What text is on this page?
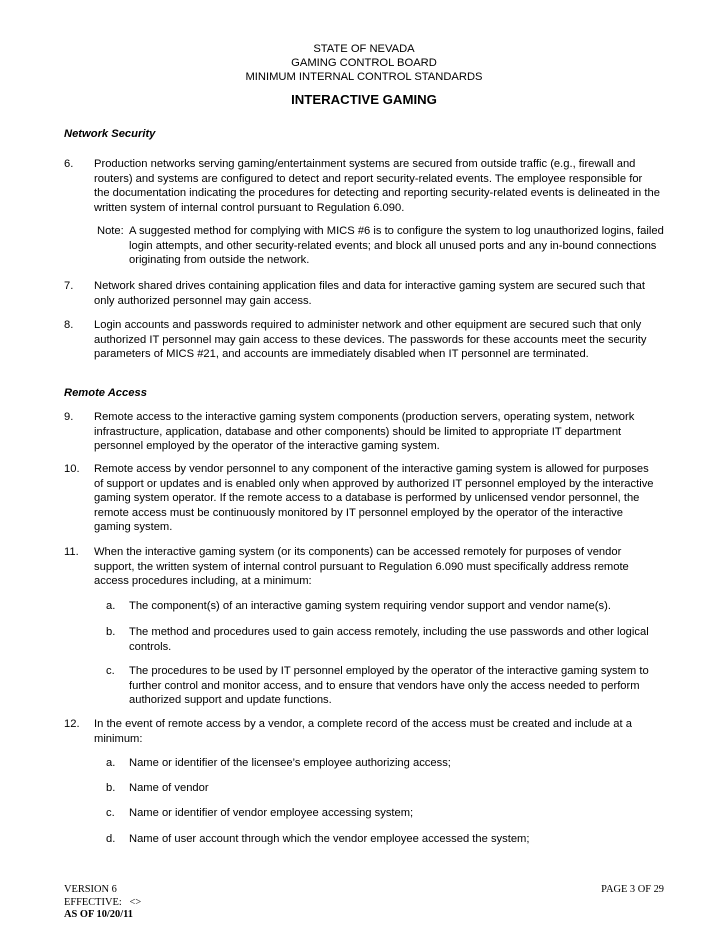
STATE OF NEVADA
GAMING CONTROL BOARD
MINIMUM INTERNAL CONTROL STANDARDS
INTERACTIVE GAMING
Network Security
6. Production networks serving gaming/entertainment systems are secured from outside traffic (e.g., firewall and routers) and systems are configured to detect and report security-related events. The employee responsible for the documentation indicating the procedures for detecting and reporting security-related events is delineated in the written system of internal control pursuant to Regulation 6.090.
Note: A suggested method for complying with MICS #6 is to configure the system to log unauthorized logins, failed login attempts, and other security-related events; and block all unused ports and any in-bound connections originating from outside the network.
7. Network shared drives containing application files and data for interactive gaming system are secured such that only authorized personnel may gain access.
8. Login accounts and passwords required to administer network and other equipment are secured such that only authorized IT personnel may gain access to these devices. The passwords for these accounts meet the security parameters of MICS #21, and accounts are immediately disabled when IT personnel are terminated.
Remote Access
9. Remote access to the interactive gaming system components (production servers, operating system, network infrastructure, application, database and other components) should be limited to appropriate IT department personnel employed by the operator of the interactive gaming system.
10. Remote access by vendor personnel to any component of the interactive gaming system is allowed for purposes of support or updates and is enabled only when approved by authorized IT personnel employed by the interactive gaming system operator. If the remote access to a database is performed by unlicensed vendor personnel, the remote access must be continuously monitored by IT personnel employed by the operator of the interactive gaming system.
11. When the interactive gaming system (or its components) can be accessed remotely for purposes of vendor support, the written system of internal control pursuant to Regulation 6.090 must specifically address remote access procedures including, at a minimum:
a. The component(s) of an interactive gaming system requiring vendor support and vendor name(s).
b. The method and procedures used to gain access remotely, including the use passwords and other logical controls.
c. The procedures to be used by IT personnel employed by the operator of the interactive gaming system to further control and monitor access, and to ensure that vendors have only the access needed to perform authorized support and update functions.
12. In the event of remote access by a vendor, a complete record of the access must be created and include at a minimum:
a. Name or identifier of the licensee’s employee authorizing access;
b. Name of vendor
c. Name or identifier of vendor employee accessing system;
d. Name of user account through which the vendor employee accessed the system;
VERSION 6
EFFECTIVE:   <>
AS OF 10/20/11
PAGE 3 OF 29
